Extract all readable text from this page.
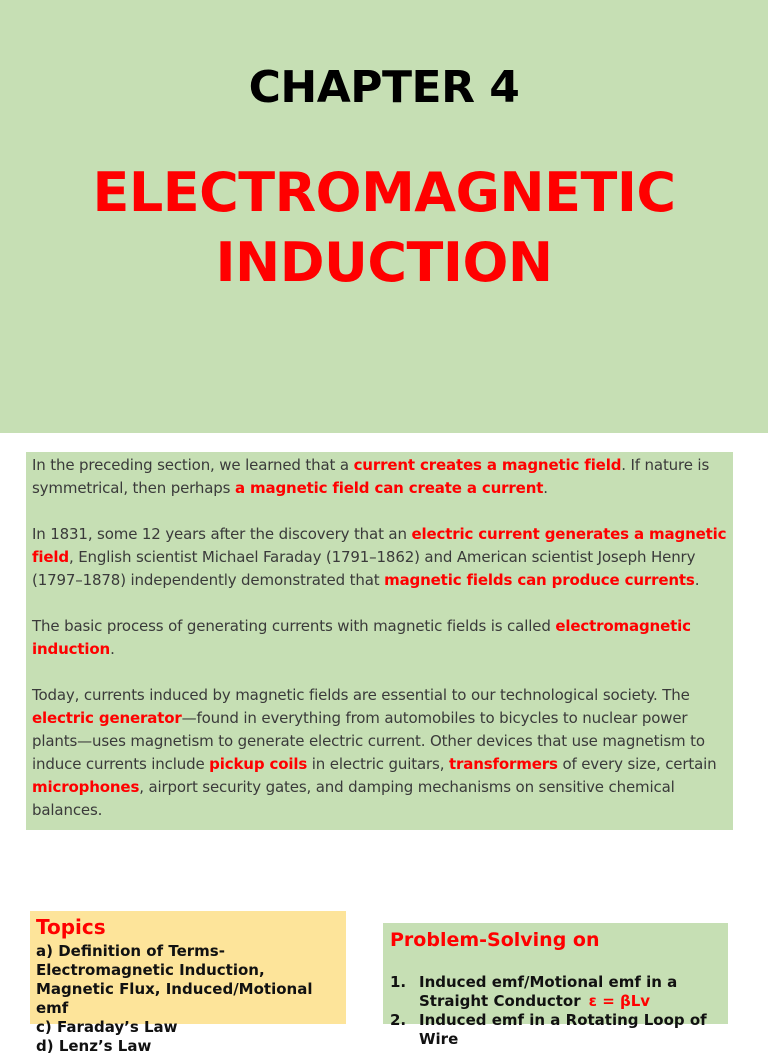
CHAPTER 4
ELECTROMAGNETIC
INDUCTION

In the preceding section, we learned that a current creates a magnetic field. If nature is symmetrical, then perhaps a magnetic field can create a current.

In 1831, some 12 years after the discovery that an electric current generates a magnetic field, English scientist Michael Faraday (1791–1862) and American scientist Joseph Henry (1797–1878) independently demonstrated that magnetic fields can produce currents.

The basic process of generating currents with magnetic fields is called electromagnetic induction.

Today, currents induced by magnetic fields are essential to our technological society. The electric generator—found in everything from automobiles to bicycles to nuclear power plants—uses magnetism to generate electric current. Other devices that use magnetism to induce currents include pickup coils in electric guitars, transformers of every size, certain microphones, airport security gates, and damping mechanisms on sensitive chemical balances.

Topics
a) Definition of Terms-Electromagnetic Induction, Magnetic Flux, Induced/Motional emf
c) Faraday’s Law
d) Lenz’s Law
Problem-Solving on
1. Induced emf/Motional emf in a Straight Conductor ε = βLv
2. Induced emf in a Rotating Loop of Wire
